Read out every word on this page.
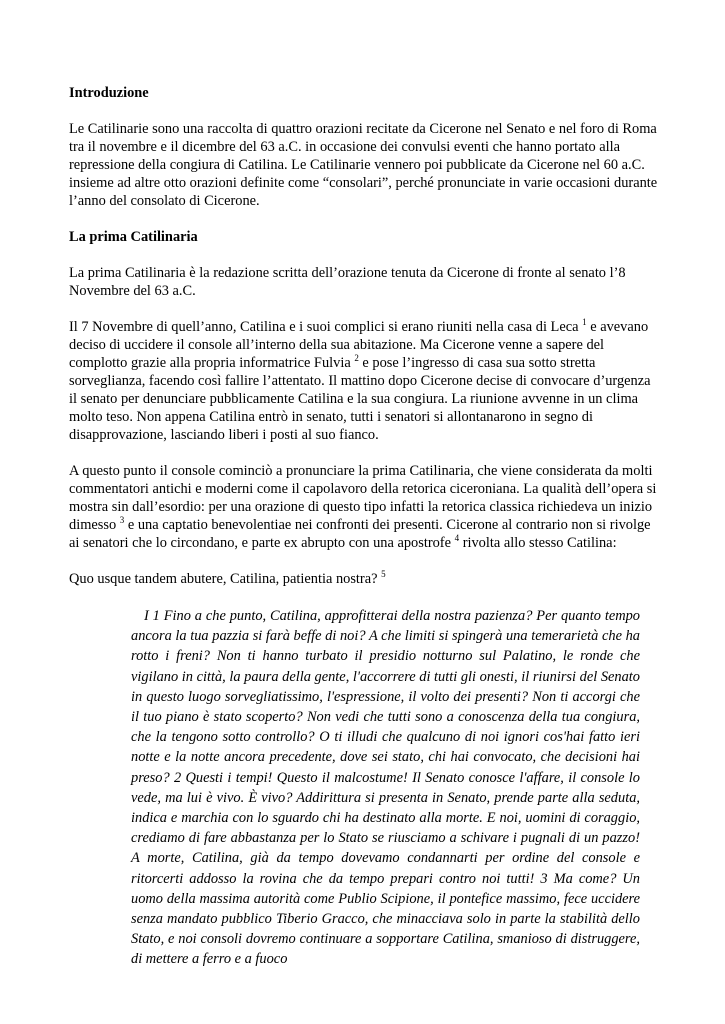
Introduzione
Le Catilinarie sono una raccolta di quattro orazioni recitate da Cicerone nel Senato e nel foro di Roma tra il novembre e il dicembre del 63 a.C. in occasione dei convulsi eventi che hanno portato alla repressione della congiura di Catilina. Le Catilinarie vennero poi pubblicate da Cicerone nel 60 a.C. insieme ad altre otto orazioni definite come “consolari”, perché pronunciate in varie occasioni durante l’anno del consolato di Cicerone.
La prima Catilinaria
La prima Catilinaria è la redazione scritta dell’orazione tenuta da Cicerone di fronte al senato l’8 Novembre del 63 a.C.
Il 7 Novembre di quell’anno, Catilina e i suoi complici si erano riuniti nella casa di Leca $^1$ e avevano deciso di uccidere il console all’interno della sua abitazione. Ma Cicerone venne a sapere del complotto grazie alla propria informatrice Fulvia $^2$ e pose l’ingresso di casa sua sotto stretta sorveglianza, facendo così fallire l’attentato. Il mattino dopo Cicerone decise di convocare d’urgenza il senato per denunciare pubblicamente Catilina e la sua congiura. La riunione avvenne in un clima molto teso. Non appena Catilina entrò in senato, tutti i senatori si allontanarono in segno di disapprovazione, lasciando liberi i posti al suo fianco.
A questo punto il console cominciò a pronunciare la prima Catilinaria, che viene considerata da molti commentatori antichi e moderni come il capolavoro della retorica ciceroniana. La qualità dell’opera si mostra sin dall’esordio: per una orazione di questo tipo infatti la retorica classica richiedeva un inizio dimesso $^3$ e una captatio benevolentiae nei confronti dei presenti. Cicerone al contrario non si rivolge ai senatori che lo circondano, e parte ex abrupto con una apostrofe $^4$ rivolta allo stesso Catilina:
Quo usque tandem abutere, Catilina, patientia nostra? $^5$
I 1 Fino a che punto, Catilina, approfitterai della nostra pazienza? Per quanto tempo ancora la tua pazzia si farà beffe di noi? A che limiti si spingerà una temerarietà che ha rotto i freni? Non ti hanno turbato il presidio notturno sul Palatino, le ronde che vigilano in città, la paura della gente, l'accorrere di tutti gli onesti, il riunirsi del Senato in questo luogo sorvegliatissimo, l'espressione, il volto dei presenti? Non ti accorgi che il tuo piano è stato scoperto? Non vedi che tutti sono a conoscenza della tua congiura, che la tengono sotto controllo? O ti illudi che qualcuno di noi ignori cos'hai fatto ieri notte e la notte ancora precedente, dove sei stato, chi hai convocato, che decisioni hai preso? 2 Questi i tempi! Questo il malcostume! Il Senato conosce l'affare, il console lo vede, ma lui è vivo. È vivo? Addirittura si presenta in Senato, prende parte alla seduta, indica e marchia con lo sguardo chi ha destinato alla morte. E noi, uomini di coraggio, crediamo di fare abbastanza per lo Stato se riusciamo a schivare i pugnali di un pazzo! A morte, Catilina, già da tempo dovevamo condannarti per ordine del console e ritorcerti addosso la rovina che da tempo prepari contro noi tutti! 3 Ma come? Un uomo della massima autorità come Publio Scipione, il pontefice massimo, fece uccidere senza mandato pubblico Tiberio Gracco, che minacciava solo in parte la stabilità dello Stato, e noi consoli dovremo continuare a sopportare Catilina, smanioso di distruggere, di mettere a ferro e a fuoco
